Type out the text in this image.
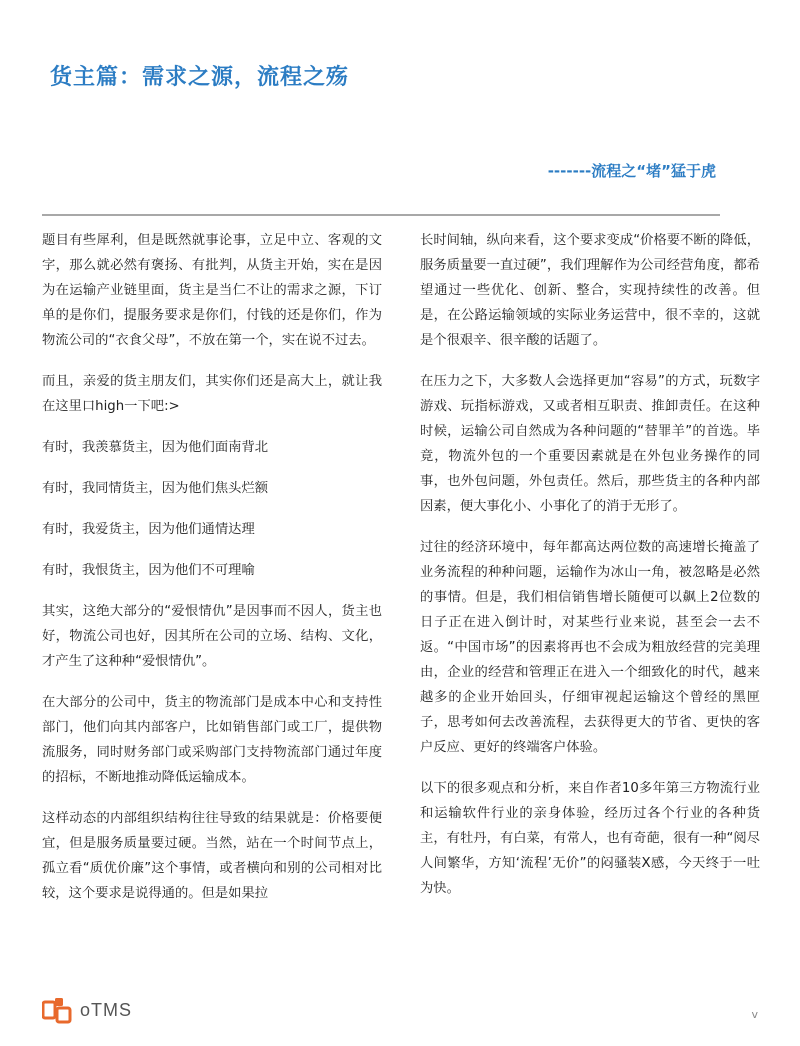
货主篇：需求之源，流程之殇
-------流程之“堵”猛于虎

题目有些犀利，但是既然就事论事，立足中立、客观的文字，那么就必然有褒扬、有批判，从货主开始，实在是因为在运输产业链里面，货主是当仁不让的需求之源，下订单的是你们，提服务要求是你们，付钱的还是你们，作为物流公司的“衣食父母”，不放在第一个，实在说不过去。

而且，亲爱的货主朋友们，其实你们还是高大上，就让我在这里口high一下吧:>

有时，我羡慕货主，因为他们面南背北

有时，我同情货主，因为他们焦头烂额

有时，我爱货主，因为他们通情达理

有时，我恨货主，因为他们不可理喻

其实，这绝大部分的“爱恨情仇”是因事而不因人，货主也好，物流公司也好，因其所在公司的立场、结构、文化，才产生了这种种“爱恨情仇”。

在大部分的公司中，货主的物流部门是成本中心和支持性部门，他们向其内部客户，比如销售部门或工厂，提供物流服务，同时财务部门或采购部门支持物流部门通过年度的招标，不断地推动降低运输成本。

这样动态的内部组织结构往往导致的结果就是：价格要便宜，但是服务质量要过硬。当然，站在一个时间节点上，孤立看“质优价廉”这个事情，或者横向和别的公司相对比较，这个要求是说得通的。但是如果拉

长时间轴，纵向来看，这个要求变成“价格要不断的降低，服务质量要一直过硬”，我们理解作为公司经营角度，都希望通过一些优化、创新、整合，实现持续性的改善。但是，在公路运输领域的实际业务运营中，很不幸的，这就是个很艰辛、很辛酸的话题了。

在压力之下，大多数人会选择更加“容易”的方式，玩数字游戏、玩指标游戏，又或者相互职责、推卸责任。在这种时候，运输公司自然成为各种问题的“替罪羊”的首选。毕竟，物流外包的一个重要因素就是在外包业务操作的同事，也外包问题，外包责任。然后，那些货主的各种内部因素，便大事化小、小事化了的消于无形了。

过往的经济环境中，每年都高达两位数的高速增长掩盖了业务流程的种种问题，运输作为冰山一角，被忽略是必然的事情。但是，我们相信销售增长随便可以飙上2位数的日子正在进入倒计时，对某些行业来说，甚至会一去不返。“中国市场”的因素将再也不会成为粗放经营的完美理由，企业的经营和管理正在进入一个细致化的时代，越来越多的企业开始回头，仔细审视起运输这个曾经的黑匣子，思考如何去改善流程，去获得更大的节省、更快的客户反应、更好的终端客户体验。

以下的很多观点和分析，来自作者10多年第三方物流行业和运输软件行业的亲身体验，经历过各个行业的各种货主，有牡丹，有白菜，有常人，也有奇葩，很有一种“阅尽人间繁华，方知‘流程’无价”的闷骚装X感，今天终于一吐为快。

oTMS	v
